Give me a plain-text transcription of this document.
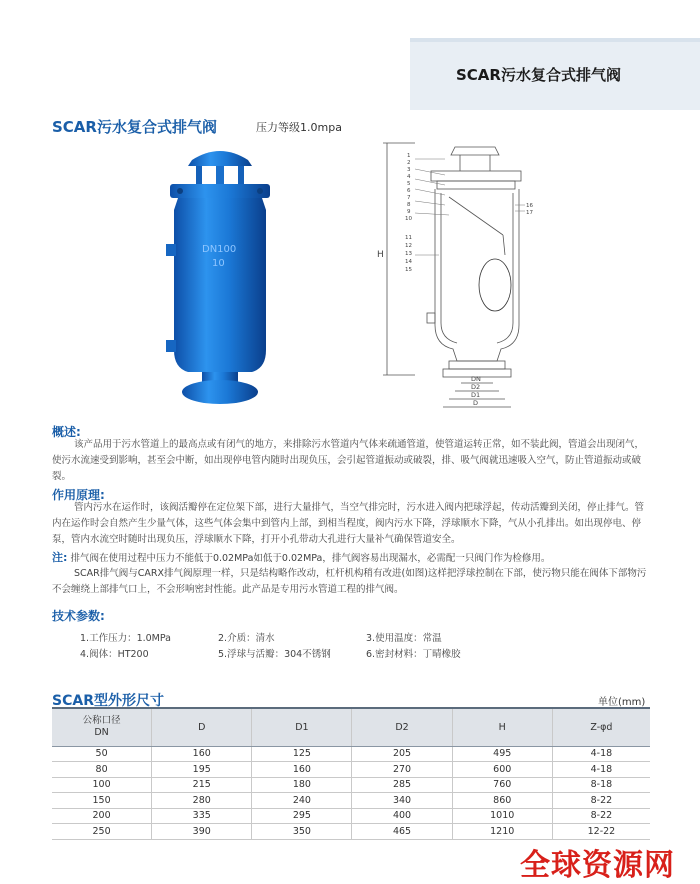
SCAR污水复合式排气阀
SCAR污水复合式排气阀	压力等级1.0mpa
DN100
10
H
DN
D2
D1
D
1
2
3
4
5
6
7
8
9
10
11
12
13
14
15
16
17
概述:
该产品用于污水管道上的最高点或有闭气的地方，来排除污水管道内气体来疏通管道，使管道运转正常，如不装此阀，管道会出现闭气，使污水流速受到影响，甚至会中断，如出现停电管内随时出现负压，会引起管道振动或破裂，排、吸气阀就迅速吸入空气，防止管道振动或破裂。
作用原理:
管内污水在运作时，该阀活瓣停在定位架下部，进行大量排气，当空气排完时，污水进入阀内把球浮起，传动活瓣到关闭，停止排气。管内在运作时会自然产生少量气体，这些气体会集中到管内上部，到相当程度，阀内污水下降，浮球顺水下降，气从小孔排出。如出现停电、停泵，管内水流空时随时出现负压，浮球顺水下降，打开小孔带动大孔进行大量补气确保管道安全。
注: 排气阀在使用过程中压力不能低于0.02MPa如低于0.02MPa，排气阀容易出现漏水，必需配一只阀门作为检修用。
SCAR排气阀与CARX排气阀原理一样，只是结构略作改动，杠杆机构稍有改进(如图)这样把浮球控制在下部，使污物只能在阀体下部物污不会缠绕上部排气口上，不会形响密封性能。此产品是专用污水管道工程的排气阀。
技术参数:
1.工作压力：1.0MPa	2.介质：清水	3.使用温度：常温
4.阀体：HT200	5.浮球与活瓣：304不锈钢	6.密封材料：丁晴橡胶
SCAR型外形尺寸	单位(mm)
公称口径
DN	D	D1	D2	H	Z-φd
50	160	125	205	495	4-18
80	195	160	270	600	4-18
100	215	180	285	760	8-18
150	280	240	340	860	8-22
200	335	295	400	1010	8-22
250	390	350	465	1210	12-22
全球资源网
